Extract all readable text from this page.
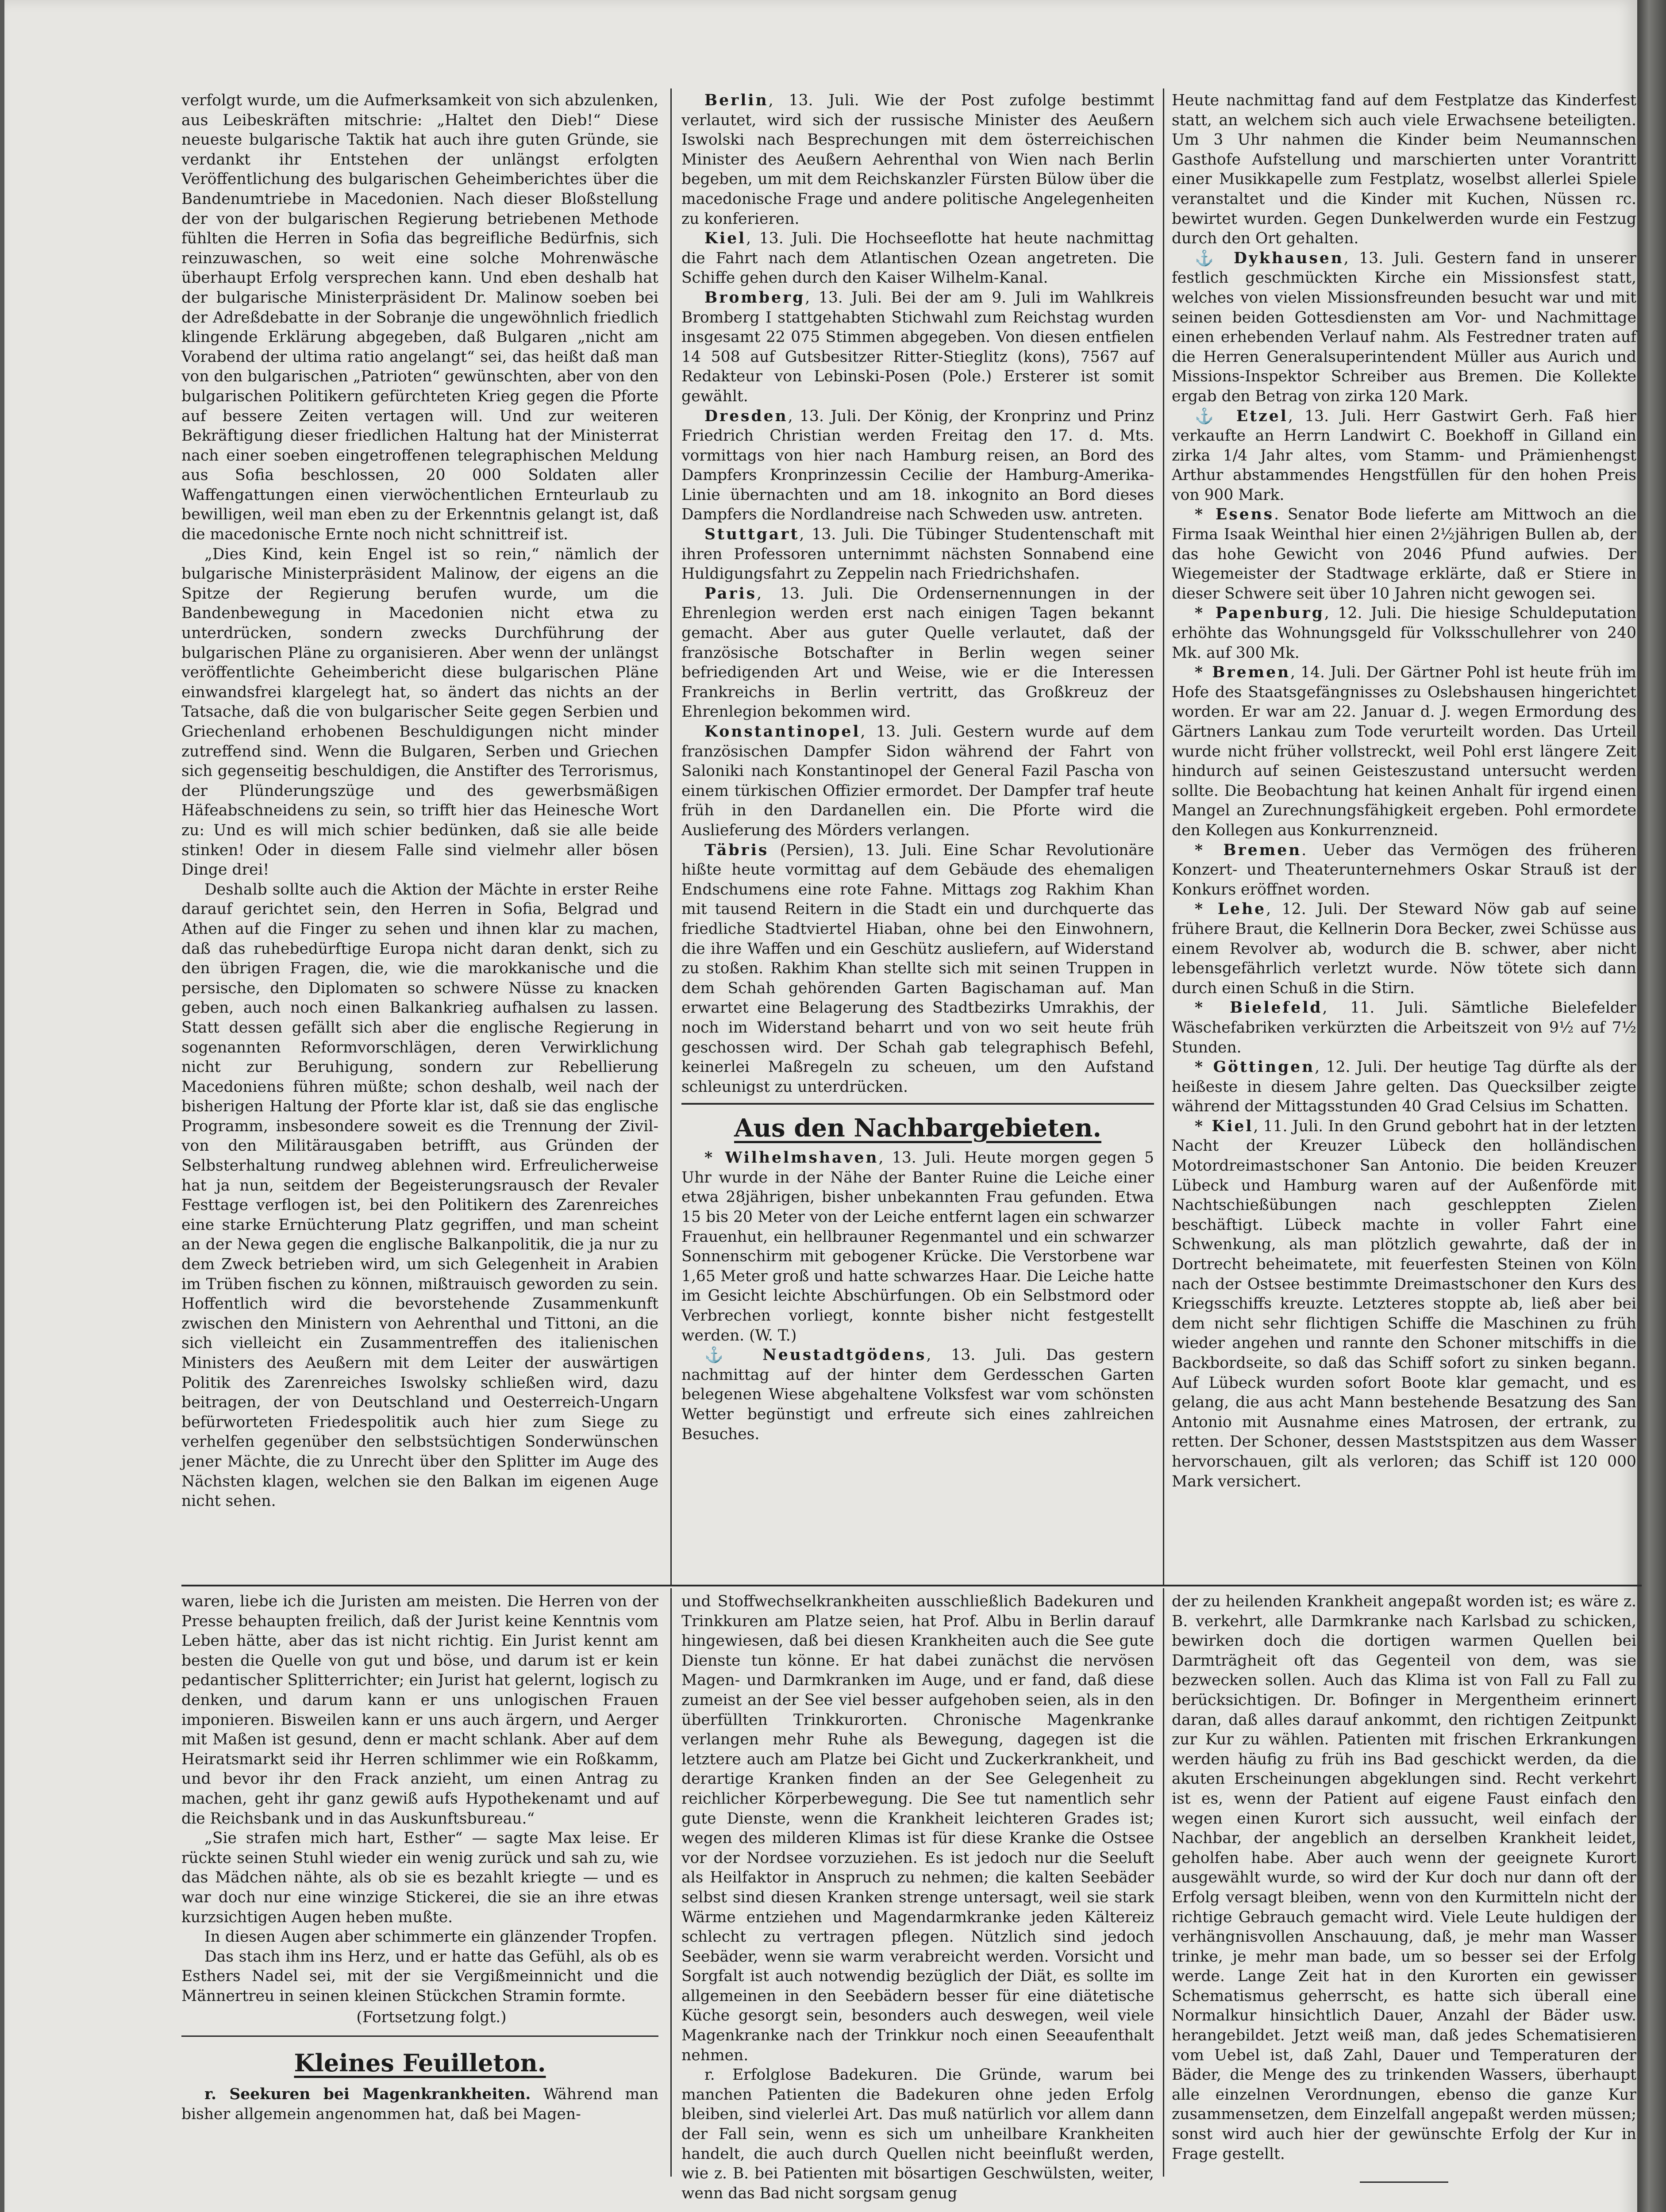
verfolgt wurde, um die Aufmerksamkeit von sich abzulenken, aus Leibeskräften mitschrie: „Haltet den Dieb!“ Diese neueste bulgarische Taktik hat auch ihre guten Gründe, sie verdankt ihr Entstehen der unlängst erfolgten Veröffentlichung des bulgarischen Geheimberichtes über die Bandenumtriebe in Macedonien. Nach dieser Bloßstellung der von der bulgarischen Regierung betriebenen Methode fühlten die Herren in Sofia das begreifliche Bedürfnis, sich reinzuwaschen, so weit eine solche Mohrenwäsche überhaupt Erfolg versprechen kann. Und eben deshalb hat der bulgarische Ministerpräsident Dr. Malinow soeben bei der Adreßdebatte in der Sobranje die ungewöhnlich friedlich klingende Erklärung abgegeben, daß Bulgaren „nicht am Vorabend der ultima ratio angelangt“ sei, das heißt daß man von den bulgarischen „Patrioten“ gewünschten, aber von den bulgarischen Politikern gefürchteten Krieg gegen die Pforte auf bessere Zeiten vertagen will. Und zur weiteren Bekräftigung dieser friedlichen Haltung hat der Ministerrat nach einer soeben eingetroffenen telegraphischen Meldung aus Sofia beschlossen, 20 000 Soldaten aller Waffengattungen einen vierwöchentlichen Ernteurlaub zu bewilligen, weil man eben zu der Erkenntnis gelangt ist, daß die macedonische Ernte noch nicht schnittreif ist.

„Dies Kind, kein Engel ist so rein,“ nämlich der bulgarische Ministerpräsident Malinow, der eigens an die Spitze der Regierung berufen wurde, um die Bandenbewegung in Macedonien nicht etwa zu unterdrücken, sondern zwecks Durchführung der bulgarischen Pläne zu organisieren. Aber wenn der unlängst veröffentlichte Geheimbericht diese bulgarischen Pläne einwandsfrei klargelegt hat, so ändert das nichts an der Tatsache, daß die von bulgarischer Seite gegen Serbien und Griechenland erhobenen Beschuldigungen nicht minder zutreffend sind. Wenn die Bulgaren, Serben und Griechen sich gegenseitig beschuldigen, die Anstifter des Terrorismus, der Plünderungszüge und des gewerbsmäßigen Häfeabschneidens zu sein, so trifft hier das Heinesche Wort zu: Und es will mich schier bedünken, daß sie alle beide stinken! Oder in diesem Falle sind vielmehr aller bösen Dinge drei!

Deshalb sollte auch die Aktion der Mächte in erster Reihe darauf gerichtet sein, den Herren in Sofia, Belgrad und Athen auf die Finger zu sehen und ihnen klar zu machen, daß das ruhebedürftige Europa nicht daran denkt, sich zu den übrigen Fragen, die, wie die marokkanische und die persische, den Diplomaten so schwere Nüsse zu knacken geben, auch noch einen Balkankrieg aufhalsen zu lassen. Statt dessen gefällt sich aber die englische Regierung in sogenannten Reformvorschlägen, deren Verwirklichung nicht zur Beruhigung, sondern zur Rebellierung Macedoniens führen müßte; schon deshalb, weil nach der bisherigen Haltung der Pforte klar ist, daß sie das englische Programm, insbesondere soweit es die Trennung der Zivil- von den Militärausgaben betrifft, aus Gründen der Selbsterhaltung rundweg ablehnen wird. Erfreulicherweise hat ja nun, seitdem der Begeisterungsrausch der Revaler Festtage verflogen ist, bei den Politikern des Zarenreiches eine starke Ernüchterung Platz gegriffen, und man scheint an der Newa gegen die englische Balkanpolitik, die ja nur zu dem Zweck betrieben wird, um sich Gelegenheit in Arabien im Trüben fischen zu können, mißtrauisch geworden zu sein. Hoffentlich wird die bevorstehende Zusammenkunft zwischen den Ministern von Aehrenthal und Tittoni, an die sich vielleicht ein Zusammentreffen des italienischen Ministers des Aeußern mit dem Leiter der auswärtigen Politik des Zarenreiches Iswolsky schließen wird, dazu beitragen, der von Deutschland und Oesterreich-Ungarn befürworteten Friedespolitik auch hier zum Siege zu verhelfen gegenüber den selbstsüchtigen Sonderwünschen jener Mächte, die zu Unrecht über den Splitter im Auge des Nächsten klagen, welchen sie den Balkan im eigenen Auge nicht sehen.

Berlin, 13. Juli. Wie der Post zufolge bestimmt verlautet, wird sich der russische Minister des Aeußern Iswolski nach Besprechungen mit dem österreichischen Minister des Aeußern Aehrenthal von Wien nach Berlin begeben, um mit dem Reichskanzler Fürsten Bülow über die macedonische Frage und andere politische Angelegenheiten zu konferieren.

Kiel, 13. Juli. Die Hochseeflotte hat heute nachmittag die Fahrt nach dem Atlantischen Ozean angetreten. Die Schiffe gehen durch den Kaiser Wilhelm-Kanal.

Bromberg, 13. Juli. Bei der am 9. Juli im Wahlkreis Bromberg I stattgehabten Stichwahl zum Reichstag wurden insgesamt 22 075 Stimmen abgegeben. Von diesen entfielen 14 508 auf Gutsbesitzer Ritter-Stieglitz (kons), 7567 auf Redakteur von Lebinski-Posen (Pole.) Ersterer ist somit gewählt.

Dresden, 13. Juli. Der König, der Kronprinz und Prinz Friedrich Christian werden Freitag den 17. d. Mts. vormittags von hier nach Hamburg reisen, an Bord des Dampfers Kronprinzessin Cecilie der Hamburg-Amerika-Linie übernachten und am 18. inkognito an Bord dieses Dampfers die Nordlandreise nach Schweden usw. antreten.

Stuttgart, 13. Juli. Die Tübinger Studentenschaft mit ihren Professoren unternimmt nächsten Sonnabend eine Huldigungsfahrt zu Zeppelin nach Friedrichshafen.

Paris, 13. Juli. Die Ordensernennungen in der Ehrenlegion werden erst nach einigen Tagen bekannt gemacht. Aber aus guter Quelle verlautet, daß der französische Botschafter in Berlin wegen seiner befriedigenden Art und Weise, wie er die Interessen Frankreichs in Berlin vertritt, das Großkreuz der Ehrenlegion bekommen wird.

Konstantinopel, 13. Juli. Gestern wurde auf dem französischen Dampfer Sidon während der Fahrt von Saloniki nach Konstantinopel der General Fazil Pascha von einem türkischen Offizier ermordet. Der Dampfer traf heute früh in den Dardanellen ein. Die Pforte wird die Auslieferung des Mörders verlangen.

Täbris (Persien), 13. Juli. Eine Schar Revolutionäre hißte heute vormittag auf dem Gebäude des ehemaligen Endschumens eine rote Fahne. Mittags zog Rakhim Khan mit tausend Reitern in die Stadt ein und durchquerte das friedliche Stadtviertel Hiaban, ohne bei den Einwohnern, die ihre Waffen und ein Geschütz ausliefern, auf Widerstand zu stoßen. Rakhim Khan stellte sich mit seinen Truppen in dem Schah gehörenden Garten Bagischaman auf. Man erwartet eine Belagerung des Stadtbezirks Umrakhis, der noch im Widerstand beharrt und von wo seit heute früh geschossen wird. Der Schah gab telegraphisch Befehl, keinerlei Maßregeln zu scheuen, um den Aufstand schleunigst zu unterdrücken.

Aus den Nachbargebieten.

* Wilhelmshaven, 13. Juli. Heute morgen gegen 5 Uhr wurde in der Nähe der Banter Ruine die Leiche einer etwa 28jährigen, bisher unbekannten Frau gefunden. Etwa 15 bis 20 Meter von der Leiche entfernt lagen ein schwarzer Frauenhut, ein hellbrauner Regenmantel und ein schwarzer Sonnenschirm mit gebogener Krücke. Die Verstorbene war 1,65 Meter groß und hatte schwarzes Haar. Die Leiche hatte im Gesicht leichte Abschürfungen. Ob ein Selbstmord oder Verbrechen vorliegt, konnte bisher nicht festgestellt werden. (W. T.)

⚓ Neustadtgödens, 13. Juli. Das gestern nachmittag auf der hinter dem Gerdesschen Garten belegenen Wiese abgehaltene Volksfest war vom schönsten Wetter begünstigt und erfreute sich eines zahlreichen Besuches.

Heute nachmittag fand auf dem Festplatze das Kinderfest statt, an welchem sich auch viele Erwachsene beteiligten. Um 3 Uhr nahmen die Kinder beim Neumannschen Gasthofe Aufstellung und marschierten unter Vorantritt einer Musikkapelle zum Festplatz, woselbst allerlei Spiele veranstaltet und die Kinder mit Kuchen, Nüssen rc. bewirtet wurden. Gegen Dunkelwerden wurde ein Festzug durch den Ort gehalten.

⚓ Dykhausen, 13. Juli. Gestern fand in unserer festlich geschmückten Kirche ein Missionsfest statt, welches von vielen Missionsfreunden besucht war und mit seinen beiden Gottesdiensten am Vor- und Nachmittage einen erhebenden Verlauf nahm. Als Festredner traten auf die Herren Generalsuperintendent Müller aus Aurich und Missions-Inspektor Schreiber aus Bremen. Die Kollekte ergab den Betrag von zirka 120 Mark.

⚓ Etzel, 13. Juli. Herr Gastwirt Gerh. Faß hier verkaufte an Herrn Landwirt C. Boekhoff in Gilland ein zirka 1/4 Jahr altes, vom Stamm- und Prämienhengst Arthur abstammendes Hengstfüllen für den hohen Preis von 900 Mark.

* Esens. Senator Bode lieferte am Mittwoch an die Firma Isaak Weinthal hier einen 2½jährigen Bullen ab, der das hohe Gewicht von 2046 Pfund aufwies. Der Wiegemeister der Stadtwage erklärte, daß er Stiere in dieser Schwere seit über 10 Jahren nicht gewogen sei.

* Papenburg, 12. Juli. Die hiesige Schuldeputation erhöhte das Wohnungsgeld für Volksschullehrer von 240 Mk. auf 300 Mk.

* Bremen, 14. Juli. Der Gärtner Pohl ist heute früh im Hofe des Staatsgefängnisses zu Oslebshausen hingerichtet worden. Er war am 22. Januar d. J. wegen Ermordung des Gärtners Lankau zum Tode verurteilt worden. Das Urteil wurde nicht früher vollstreckt, weil Pohl erst längere Zeit hindurch auf seinen Geisteszustand untersucht werden sollte. Die Beobachtung hat keinen Anhalt für irgend einen Mangel an Zurechnungsfähigkeit ergeben. Pohl ermordete den Kollegen aus Konkurrenzneid.

* Bremen. Ueber das Vermögen des früheren Konzert- und Theaterunternehmers Oskar Strauß ist der Konkurs eröffnet worden.

* Lehe, 12. Juli. Der Steward Nöw gab auf seine frühere Braut, die Kellnerin Dora Becker, zwei Schüsse aus einem Revolver ab, wodurch die B. schwer, aber nicht lebensgefährlich verletzt wurde. Nöw tötete sich dann durch einen Schuß in die Stirn.

* Bielefeld, 11. Juli. Sämtliche Bielefelder Wäschefabriken verkürzten die Arbeitszeit von 9½ auf 7½ Stunden.

* Göttingen, 12. Juli. Der heutige Tag dürfte als der heißeste in diesem Jahre gelten. Das Quecksilber zeigte während der Mittagsstunden 40 Grad Celsius im Schatten.

* Kiel, 11. Juli. In den Grund gebohrt hat in der letzten Nacht der Kreuzer Lübeck den holländischen Motordreimastschoner San Antonio. Die beiden Kreuzer Lübeck und Hamburg waren auf der Außenförde mit Nachtschießübungen nach geschleppten Zielen beschäftigt. Lübeck machte in voller Fahrt eine Schwenkung, als man plötzlich gewahrte, daß der in Dortrecht beheimatete, mit feuerfesten Steinen von Köln nach der Ostsee bestimmte Dreimastschoner den Kurs des Kriegsschiffs kreuzte. Letzteres stoppte ab, ließ aber bei dem nicht sehr flichtigen Schiffe die Maschinen zu früh wieder angehen und rannte den Schoner mitschiffs in die Backbordseite, so daß das Schiff sofort zu sinken begann. Auf Lübeck wurden sofort Boote klar gemacht, und es gelang, die aus acht Mann bestehende Besatzung des San Antonio mit Ausnahme eines Matrosen, der ertrank, zu retten. Der Schoner, dessen Maststspitzen aus dem Wasser hervorschauen, gilt als verloren; das Schiff ist 120 000 Mark versichert.

waren, liebe ich die Juristen am meisten. Die Herren von der Presse behaupten freilich, daß der Jurist keine Kenntnis vom Leben hätte, aber das ist nicht richtig. Ein Jurist kennt am besten die Quelle von gut und böse, und darum ist er kein pedantischer Splitterrichter; ein Jurist hat gelernt, logisch zu denken, und darum kann er uns unlogischen Frauen imponieren. Bisweilen kann er uns auch ärgern, und Aerger mit Maßen ist gesund, denn er macht schlank. Aber auf dem Heiratsmarkt seid ihr Herren schlimmer wie ein Roßkamm, und bevor ihr den Frack anzieht, um einen Antrag zu machen, geht ihr ganz gewiß aufs Hypothekenamt und auf die Reichsbank und in das Auskunftsbureau.“

„Sie strafen mich hart, Esther“ — sagte Max leise. Er rückte seinen Stuhl wieder ein wenig zurück und sah zu, wie das Mädchen nähte, als ob sie es bezahlt kriegte — und es war doch nur eine winzige Stickerei, die sie an ihre etwas kurzsichtigen Augen heben mußte.

In diesen Augen aber schimmerte ein glänzender Tropfen.

Das stach ihm ins Herz, und er hatte das Gefühl, als ob es Esthers Nadel sei, mit der sie Vergißmeinnicht und die Männertreu in seinen kleinen Stückchen Stramin formte.

(Fortsetzung folgt.)

Kleines Feuilleton.

r. Seekuren bei Magenkrankheiten. Während man bisher allgemein angenommen hat, daß bei Magen-

und Stoffwechselkrankheiten ausschließlich Badekuren und Trinkkuren am Platze seien, hat Prof. Albu in Berlin darauf hingewiesen, daß bei diesen Krankheiten auch die See gute Dienste tun könne. Er hat dabei zunächst die nervösen Magen- und Darmkranken im Auge, und er fand, daß diese zumeist an der See viel besser aufgehoben seien, als in den überfüllten Trinkkurorten. Chronische Magenkranke verlangen mehr Ruhe als Bewegung, dagegen ist die letztere auch am Platze bei Gicht und Zuckerkrankheit, und derartige Kranken finden an der See Gelegenheit zu reichlicher Körperbewegung. Die See tut namentlich sehr gute Dienste, wenn die Krankheit leichteren Grades ist; wegen des milderen Klimas ist für diese Kranke die Ostsee vor der Nordsee vorzuziehen. Es ist jedoch nur die Seeluft als Heilfaktor in Anspruch zu nehmen; die kalten Seebäder selbst sind diesen Kranken strenge untersagt, weil sie stark Wärme entziehen und Magendarmkranke jeden Kältereiz schlecht zu vertragen pflegen. Nützlich sind jedoch Seebäder, wenn sie warm verabreicht werden. Vorsicht und Sorgfalt ist auch notwendig bezüglich der Diät, es sollte im allgemeinen in den Seebädern besser für eine diätetische Küche gesorgt sein, besonders auch deswegen, weil viele Magenkranke nach der Trinkkur noch einen Seeaufenthalt nehmen.

r. Erfolglose Badekuren. Die Gründe, warum bei manchen Patienten die Badekuren ohne jeden Erfolg bleiben, sind vielerlei Art. Das muß natürlich vor allem dann der Fall sein, wenn es sich um unheilbare Krankheiten handelt, die auch durch Quellen nicht beeinflußt werden, wie z. B. bei Patienten mit bösartigen Geschwülsten, weiter, wenn das Bad nicht sorgsam genug

der zu heilenden Krankheit angepaßt worden ist; es wäre z. B. verkehrt, alle Darmkranke nach Karlsbad zu schicken, bewirken doch die dortigen warmen Quellen bei Darmträgheit oft das Gegenteil von dem, was sie bezwecken sollen. Auch das Klima ist von Fall zu Fall zu berücksichtigen. Dr. Bofinger in Mergentheim erinnert daran, daß alles darauf ankommt, den richtigen Zeitpunkt zur Kur zu wählen. Patienten mit frischen Erkrankungen werden häufig zu früh ins Bad geschickt werden, da die akuten Erscheinungen abgeklungen sind. Recht verkehrt ist es, wenn der Patient auf eigene Faust einfach den wegen einen Kurort sich aussucht, weil einfach der Nachbar, der angeblich an derselben Krankheit leidet, geholfen habe. Aber auch wenn der geeignete Kurort ausgewählt wurde, so wird der Kur doch nur dann oft der Erfolg versagt bleiben, wenn von den Kurmitteln nicht der richtige Gebrauch gemacht wird. Viele Leute huldigen der verhängnisvollen Anschauung, daß, je mehr man Wasser trinke, je mehr man bade, um so besser sei der Erfolg werde. Lange Zeit hat in den Kurorten ein gewisser Schematismus geherrscht, es hatte sich überall eine Normalkur hinsichtlich Dauer, Anzahl der Bäder usw. herangebildet. Jetzt weiß man, daß jedes Schematisieren vom Uebel ist, daß Zahl, Dauer und Temperaturen der Bäder, die Menge des zu trinkenden Wassers, überhaupt alle einzelnen Verordnungen, ebenso die ganze Kur zusammensetzen, dem Einzelfall angepaßt werden müssen; sonst wird auch hier der gewünschte Erfolg der Kur in Frage gestellt.
